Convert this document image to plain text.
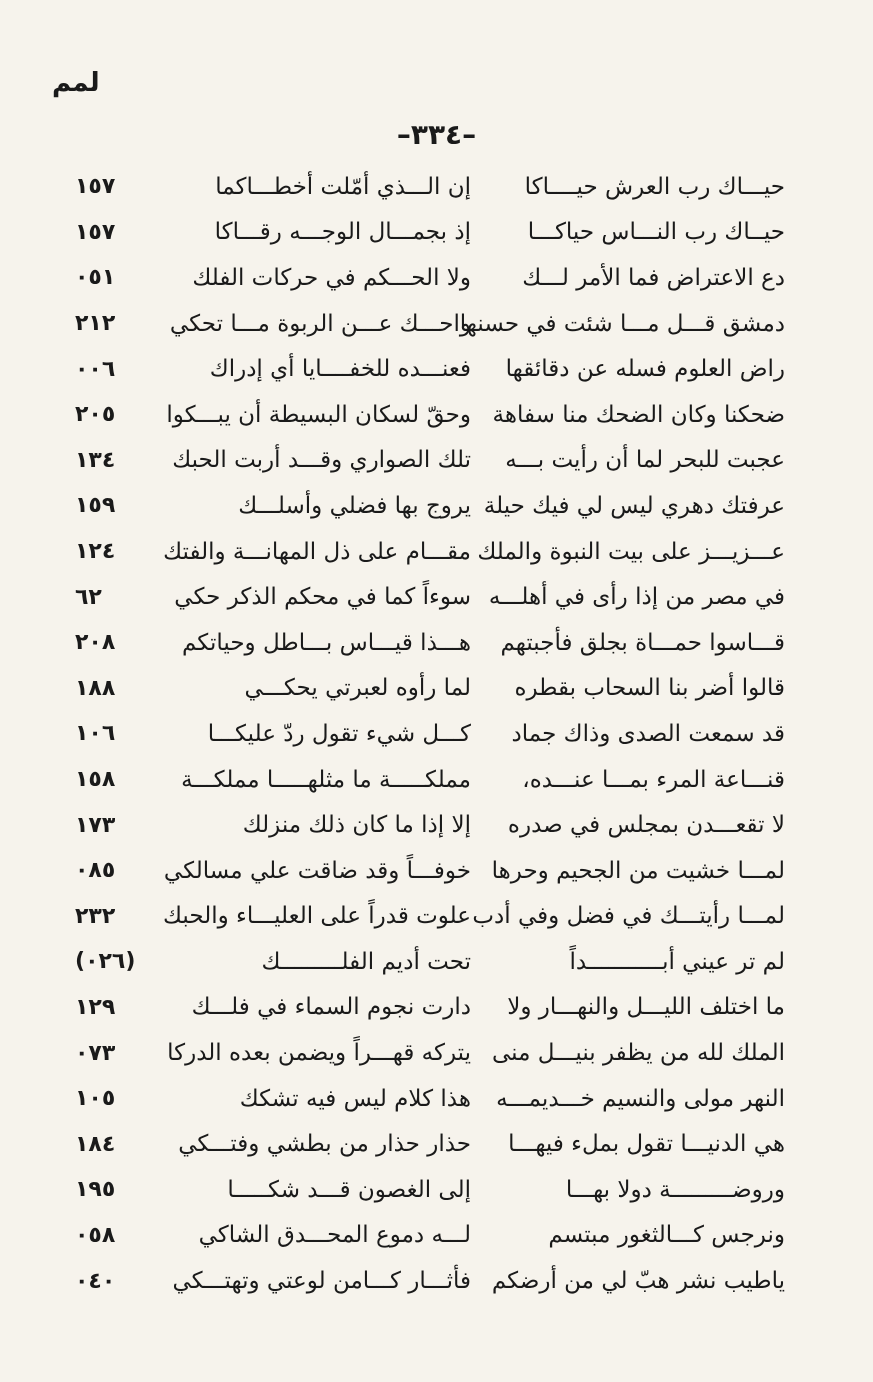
لمم
–٣٣٤–
حيـــاك رب العرش حيــــاكا
إن الـــذي أمّلت أخطـــاكما
١٥٧
حيــاك رب النـــاس حياكـــا
إذ بجمـــال الوجـــه رقـــاكا
١٥٧
دع الاعتراض فما الأمر لـــك
ولا الحـــكم في حركات الفلك
٠٥١
دمشق قـــل مـــا شئت في حسنها
واحـــك عـــن الربوة مـــا تحكي
٢١٢
راض العلوم فسله عن دقائقها
فعنـــده للخفــــايا أي إدراك
٠٠٦
ضحكنا وكان الضحك منا سفاهة
وحقّ لسكان البسيطة أن يبـــكوا
٢٠٥
عجبت للبحر لما أن رأيت بـــه
تلك الصواري وقـــد أربت الحبك
١٣٤
عرفتك دهري ليس لي فيك حيلة
يروج بها فضلي وأسلـــك
١٥٩
عـــزيـــز على بيت النبوة والملك
مقـــام على ذل المهانـــة والفتك
١٢٤
في مصر من إذا رأى في أهلـــه
سوءاً كما في محكم الذكر حكي
٦٢
قـــاسوا حمـــاة بجلق فأجبتهم
هـــذا قيـــاس بـــاطل وحياتكم
٢٠٨
قالوا أضر بنا السحاب بقطره
لما رأوه لعبرتي يحكـــي
١٨٨
قد سمعت الصدى وذاك جماد
كـــل شيء تقول ردّ عليكـــا
١٠٦
قنـــاعة المرء بمـــا عنـــده،
مملكـــــة ما مثلهـــــا مملكـــة
١٥٨
لا تقعـــدن بمجلس في صدره
إلا إذا ما كان ذلك منزلك
١٧٣
لمـــا خشيت من الجحيم وحرها
خوفـــاً وقد ضاقت علي مسالكي
٠٨٥
لمـــا رأيتـــك في فضل وفي أدب
علوت قدراً على العليـــاء والحبك
٢٣٢
لم تر عيني أبـــــــــــداً
تحت أديم الفلـــــــــك
(٠٢٦)
ما اختلف الليـــل والنهـــار ولا
دارت نجوم السماء في فلـــك
١٢٩
الملك لله من يظفر بنيـــل منى
يتركه قهـــراً ويضمن بعده الدركا
٠٧٣
النهر مولى والنسيم خـــديمـــه
هذا كلام ليس فيه تشكك
١٠٥
هي الدنيـــا تقول بملء فيهـــا
حذار حذار من بطشي وفتـــكي
١٨٤
وروضـــــــــة دولا بهـــا
إلى الغصون قـــد شكـــــا
١٩٥
ونرجس كـــالثغور مبتسم
لـــه دموع المحـــدق الشاكي
٠٥٨
ياطيب نشر هبّ لي من أرضكم
فأثـــار كـــامن لوعتي وتهتـــكي
٠٤٠
